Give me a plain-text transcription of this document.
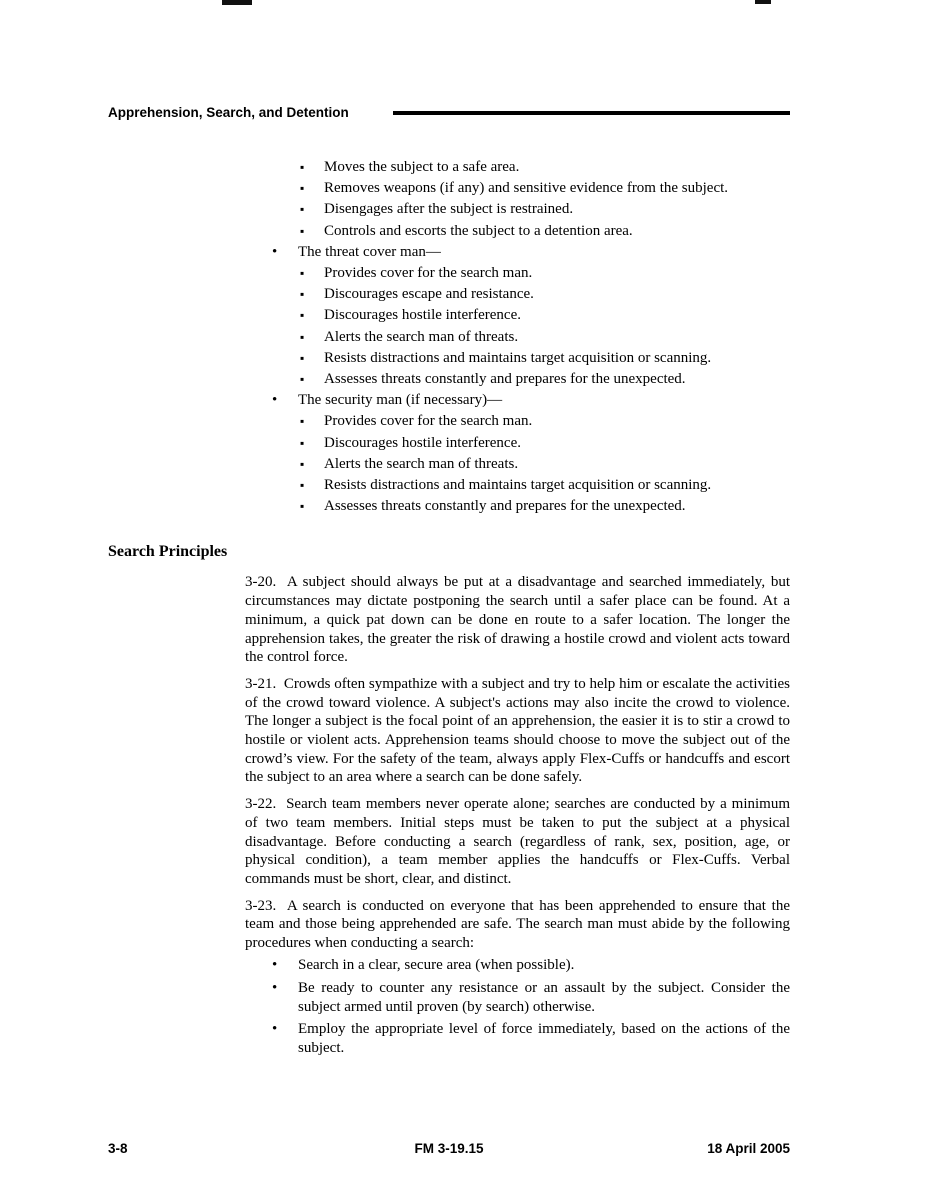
Apprehension, Search, and Detention
▪	Moves the subject to a safe area.
▪	Removes weapons (if any) and sensitive evidence from the subject.
▪	Disengages after the subject is restrained.
▪	Controls and escorts the subject to a detention area.
•	The threat cover man—
▪	Provides cover for the search man.
▪	Discourages escape and resistance.
▪	Discourages hostile interference.
▪	Alerts the search man of threats.
▪	Resists distractions and maintains target acquisition or scanning.
▪	Assesses threats constantly and prepares for the unexpected.
•	The security man (if necessary)—
▪	Provides cover for the search man.
▪	Discourages hostile interference.
▪	Alerts the search man of threats.
▪	Resists distractions and maintains target acquisition or scanning.
▪	Assesses threats constantly and prepares for the unexpected.
Search Principles

3-20.  A subject should always be put at a disadvantage and searched immediately, but circumstances may dictate postponing the search until a safer place can be found. At a minimum, a quick pat down can be done en route to a safer location. The longer the apprehension takes, the greater the risk of drawing a hostile crowd and violent acts toward the control force.

3-21.  Crowds often sympathize with a subject and try to help him or escalate the activities of the crowd toward violence. A subject's actions may also incite the crowd to violence. The longer a subject is the focal point of an apprehension, the easier it is to stir a crowd to hostile or violent acts. Apprehension teams should choose to move the subject out of the crowd’s view. For the safety of the team, always apply Flex-Cuffs or handcuffs and escort the subject to an area where a search can be done safely.

3-22.  Search team members never operate alone; searches are conducted by a minimum of two team members. Initial steps must be taken to put the subject at a physical disadvantage. Before conducting a search (regardless of rank, sex, position, age, or physical condition), a team member applies the handcuffs or Flex-Cuffs. Verbal commands must be short, clear, and distinct.

3-23.  A search is conducted on everyone that has been apprehended to ensure that the team and those being apprehended are safe. The search man must abide by the following procedures when conducting a search:

•	Search in a clear, secure area (when possible).
•	Be ready to counter any resistance or an assault by the subject. Consider the subject armed until proven (by search) otherwise.
•	Employ the appropriate level of force immediately, based on the actions of the subject.
3-8	FM 3-19.15	18 April 2005
